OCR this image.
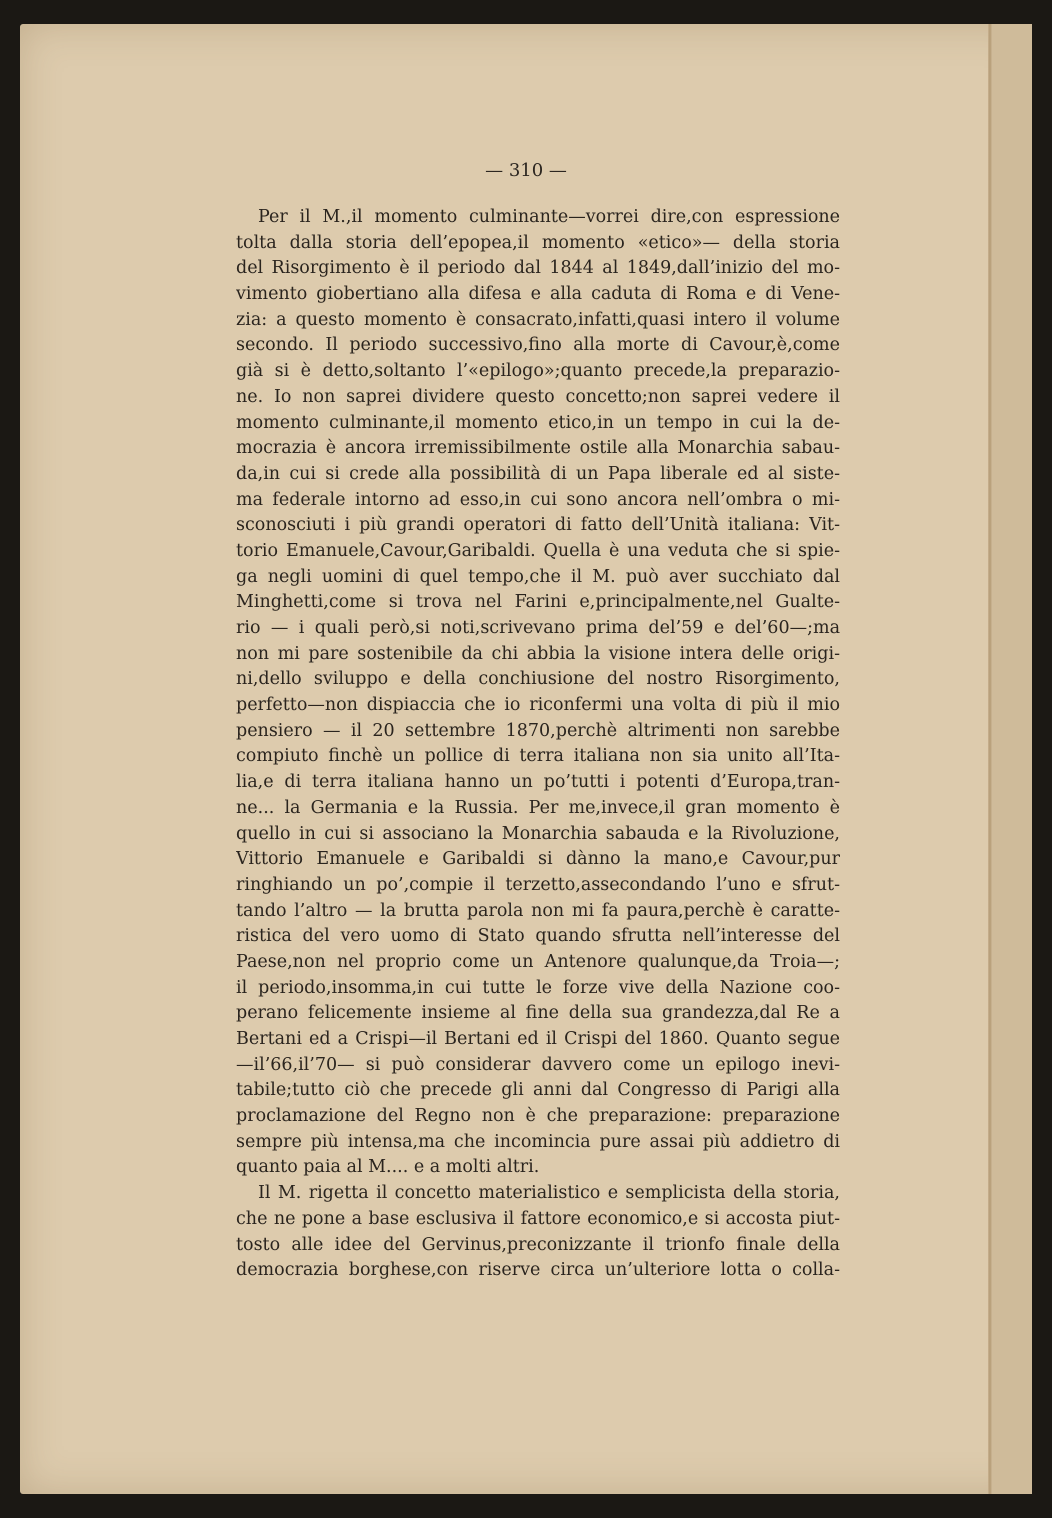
— 310 —
Per il M.,il momento culminante—vorrei dire,con espressione
tolta dalla storia dell’epopea,il momento «etico»— della storia
del Risorgimento è il periodo dal 1844 al 1849,dall’inizio del mo-
vimento giobertiano alla difesa e alla caduta di Roma e di Vene-
zia: a questo momento è consacrato,infatti,quasi intero il volume
secondo. Il periodo successivo,fino alla morte di Cavour,è,come
già si è detto,soltanto l’«epilogo»;quanto precede,la preparazio-
ne. Io non saprei dividere questo concetto;non saprei vedere il
momento culminante,il momento etico,in un tempo in cui la de-
mocrazia è ancora irremissibilmente ostile alla Monarchia sabau-
da,in cui si crede alla possibilità di un Papa liberale ed al siste-
ma federale intorno ad esso,in cui sono ancora nell’ombra o mi-
sconosciuti i più grandi operatori di fatto dell’Unità italiana: Vit-
torio Emanuele,Cavour,Garibaldi. Quella è una veduta che si spie-
ga negli uomini di quel tempo,che il M. può aver succhiato dal
Minghetti,come si trova nel Farini e,principalmente,nel Gualte-
rio — i quali però,si noti,scrivevano prima del’59 e del’60—;ma
non mi pare sostenibile da chi abbia la visione intera delle origi-
ni,dello sviluppo e della conchiusione del nostro Risorgimento,
perfetto—non dispiaccia che io riconfermi una volta di più il mio
pensiero — il 20 settembre 1870,perchè altrimenti non sarebbe
compiuto finchè un pollice di terra italiana non sia unito all’Ita-
lia,e di terra italiana hanno un po’tutti i potenti d’Europa,tran-
ne... la Germania e la Russia. Per me,invece,il gran momento è
quello in cui si associano la Monarchia sabauda e la Rivoluzione,
Vittorio Emanuele e Garibaldi si dànno la mano,e Cavour,pur
ringhiando un po’,compie il terzetto,assecondando l’uno e sfrut-
tando l’altro — la brutta parola non mi fa paura,perchè è caratte-
ristica del vero uomo di Stato quando sfrutta nell’interesse del
Paese,non nel proprio come un Antenore qualunque,da Troia—;
il periodo,insomma,in cui tutte le forze vive della Nazione coo-
perano felicemente insieme al fine della sua grandezza,dal Re a
Bertani ed a Crispi—il Bertani ed il Crispi del 1860. Quanto segue
—il’66,il’70— si può considerar davvero come un epilogo inevi-
tabile;tutto ciò che precede gli anni dal Congresso di Parigi alla
proclamazione del Regno non è che preparazione: preparazione
sempre più intensa,ma che incomincia pure assai più addietro di
quanto paia al M.... e a molti altri.
Il M. rigetta il concetto materialistico e semplicista della storia,
che ne pone a base esclusiva il fattore economico,e si accosta piut-
tosto alle idee del Gervinus,preconizzante il trionfo finale della
democrazia borghese,con riserve circa un’ulteriore lotta o colla-
